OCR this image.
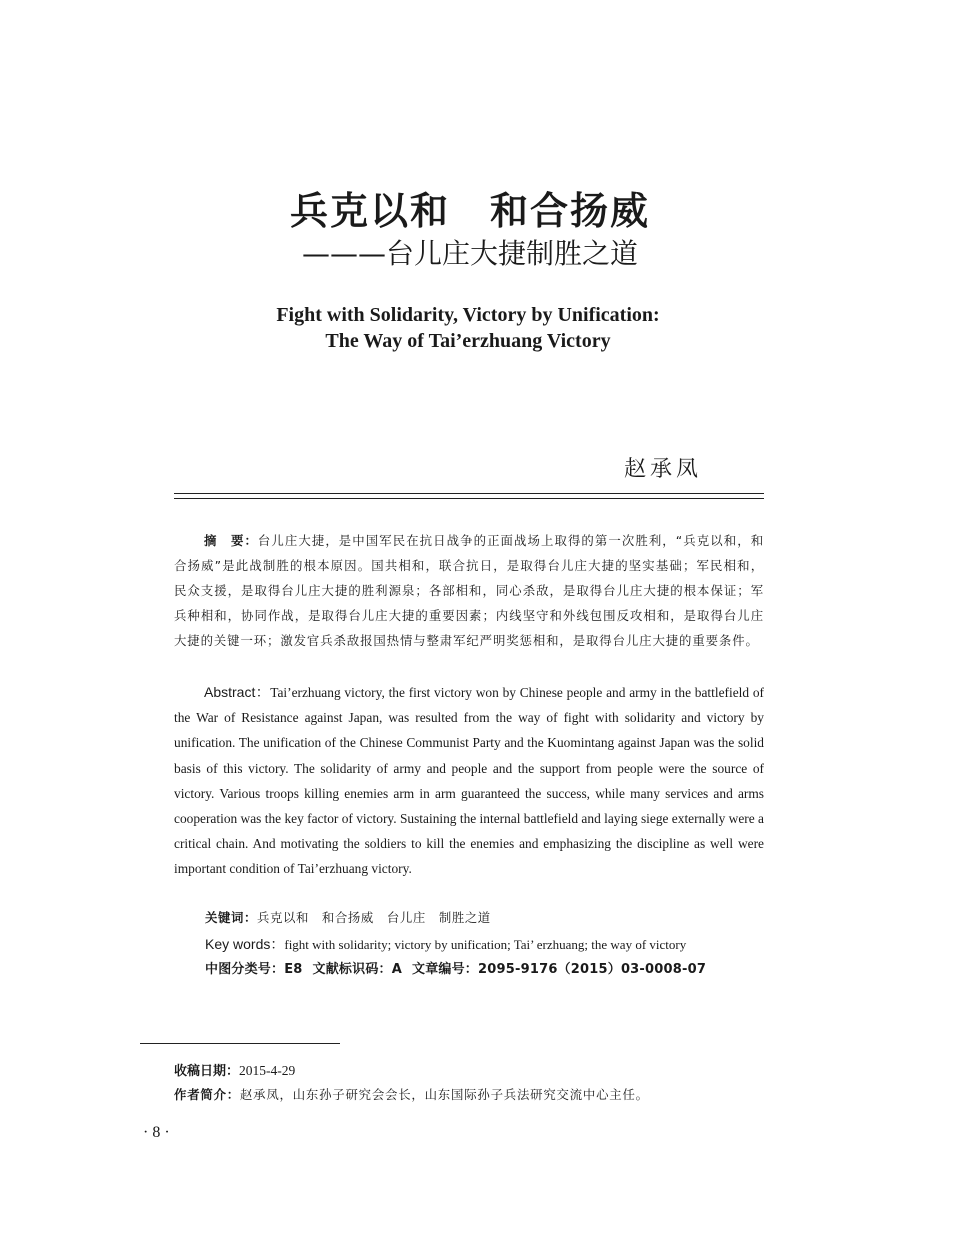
兵克以和　和合扬威
———台儿庄大捷制胜之道
Fight with Solidarity, Victory by Unification:
The Way of Tai’erzhuang Victory
赵承凤
摘　要：台儿庄大捷，是中国军民在抗日战争的正面战场上取得的第一次胜利，“兵克以和，和合扬威”是此战制胜的根本原因。国共相和，联合抗日，是取得台儿庄大捷的坚实基础；军民相和，民众支援，是取得台儿庄大捷的胜利源泉；各部相和，同心杀敌，是取得台儿庄大捷的根本保证；军兵种相和，协同作战，是取得台儿庄大捷的重要因素；内线坚守和外线包围反攻相和，是取得台儿庄大捷的关键一环；激发官兵杀敌报国热情与整肃军纪严明奖惩相和，是取得台儿庄大捷的重要条件。
Abstract：Tai’erzhuang victory, the first victory won by Chinese people and army in the battlefield of the War of Resistance against Japan, was resulted from the way of fight with solidarity and victory by unification. The unification of the Chinese Communist Party and the Kuomintang against Japan was the solid basis of this victory. The solidarity of army and people and the support from people were the source of victory. Various troops killing enemies arm in arm guaranteed the success, while many services and arms cooperation was the key factor of victory. Sustaining the internal battlefield and laying siege externally were a critical chain. And motivating the soldiers to kill the enemies and emphasizing the discipline as well were important condition of Tai’erzhuang victory.
关键词：兵克以和　和合扬威　台儿庄　制胜之道
Key words：fight with solidarity; victory by unification; Tai’ erzhuang; the way of victory
中图分类号：E8 文献标识码：A 文章编号：2095-9176（2015）03-0008-07
收稿日期：2015-4-29
作者简介：赵承凤，山东孙子研究会会长，山东国际孙子兵法研究交流中心主任。
· 8 ·
